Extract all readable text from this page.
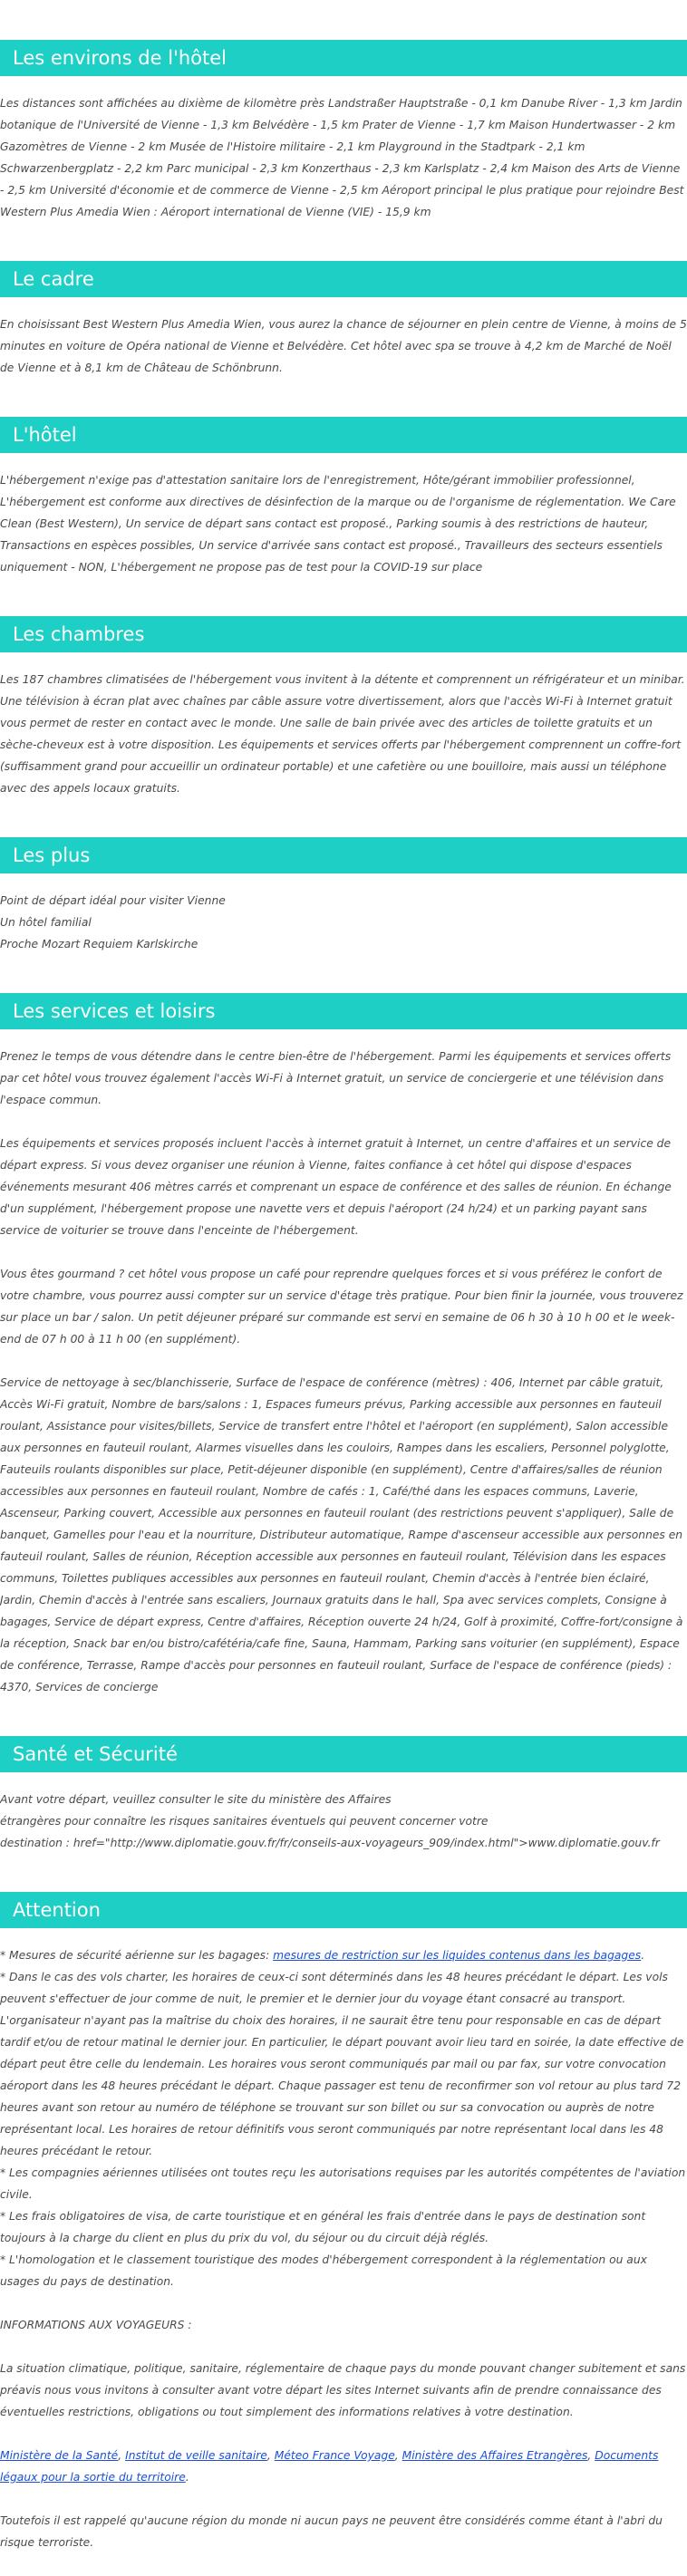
Les environs de l'hôtel

Les distances sont affichées au dixième de kilomètre près Landstraßer Hauptstraße - 0,1 km Danube River - 1,3 km Jardin botanique de l'Université de Vienne - 1,3 km Belvédère - 1,5 km Prater de Vienne - 1,7 km Maison Hundertwasser - 2 km Gazomètres de Vienne - 2 km Musée de l'Histoire militaire - 2,1 km Playground in the Stadtpark - 2,1 km Schwarzenbergplatz - 2,2 km Parc municipal - 2,3 km Konzerthaus - 2,3 km Karlsplatz - 2,4 km Maison des Arts de Vienne - 2,5 km Université d'économie et de commerce de Vienne - 2,5 km Aéroport principal le plus pratique pour rejoindre Best Western Plus Amedia Wien : Aéroport international de Vienne (VIE) - 15,9 km

Le cadre

En choisissant Best Western Plus Amedia Wien, vous aurez la chance de séjourner en plein centre de Vienne, à moins de 5 minutes en voiture de Opéra national de Vienne et Belvédère. Cet hôtel avec spa se trouve à 4,2 km de Marché de Noël de Vienne et à 8,1 km de Château de Schönbrunn.

L'hôtel

L'hébergement n'exige pas d'attestation sanitaire lors de l'enregistrement, Hôte/gérant immobilier professionnel, L'hébergement est conforme aux directives de désinfection de la marque ou de l'organisme de réglementation. We Care Clean (Best Western), Un service de départ sans contact est proposé., Parking soumis à des restrictions de hauteur, Transactions en espèces possibles, Un service d'arrivée sans contact est proposé., Travailleurs des secteurs essentiels uniquement - NON, L'hébergement ne propose pas de test pour la COVID-19 sur place

Les chambres

Les 187 chambres climatisées de l'hébergement vous invitent à la détente et comprennent un réfrigérateur et un minibar. Une télévision à écran plat avec chaînes par câble assure votre divertissement, alors que l'accès Wi-Fi à Internet gratuit vous permet de rester en contact avec le monde. Une salle de bain privée avec des articles de toilette gratuits et un sèche-cheveux est à votre disposition. Les équipements et services offerts par l'hébergement comprennent un coffre-fort (suffisamment grand pour accueillir un ordinateur portable) et une cafetière ou une bouilloire, mais aussi un téléphone avec des appels locaux gratuits.

Les plus

Point de départ idéal pour visiter Vienne

Un hôtel familial

Proche Mozart Requiem Karlskirche

Les services et loisirs

Prenez le temps de vous détendre dans le centre bien-être de l'hébergement. Parmi les équipements et services offerts par cet hôtel vous trouvez également l'accès Wi-Fi à Internet gratuit, un service de conciergerie et une télévision dans l'espace commun.

Les équipements et services proposés incluent l'accès à internet gratuit à Internet, un centre d'affaires et un service de départ express. Si vous devez organiser une réunion à Vienne, faites confiance à cet hôtel qui dispose d'espaces événements mesurant 406 mètres carrés et comprenant un espace de conférence et des salles de réunion. En échange d'un supplément, l'hébergement propose une navette vers et depuis l'aéroport (24 h/24) et un parking payant sans service de voiturier se trouve dans l'enceinte de l'hébergement.

Vous êtes gourmand ? cet hôtel vous propose un café pour reprendre quelques forces et si vous préférez le confort de votre chambre, vous pourrez aussi compter sur un service d'étage très pratique. Pour bien finir la journée, vous trouverez sur place un bar / salon. Un petit déjeuner préparé sur commande est servi en semaine de 06 h 30 à 10 h 00 et le week-end de 07 h 00 à 11 h 00 (en supplément).

Service de nettoyage à sec/blanchisserie, Surface de l'espace de conférence (mètres) : 406, Internet par câble gratuit, Accès Wi-Fi gratuit, Nombre de bars/salons : 1, Espaces fumeurs prévus, Parking accessible aux personnes en fauteuil roulant, Assistance pour visites/billets, Service de transfert entre l'hôtel et l'aéroport (en supplément), Salon accessible aux personnes en fauteuil roulant, Alarmes visuelles dans les couloirs, Rampes dans les escaliers, Personnel polyglotte, Fauteuils roulants disponibles sur place, Petit-déjeuner disponible (en supplément), Centre d'affaires/salles de réunion accessibles aux personnes en fauteuil roulant, Nombre de cafés : 1, Café/thé dans les espaces communs, Laverie, Ascenseur, Parking couvert, Accessible aux personnes en fauteuil roulant (des restrictions peuvent s'appliquer), Salle de banquet, Gamelles pour l'eau et la nourriture, Distributeur automatique, Rampe d'ascenseur accessible aux personnes en fauteuil roulant, Salles de réunion, Réception accessible aux personnes en fauteuil roulant, Télévision dans les espaces communs, Toilettes publiques accessibles aux personnes en fauteuil roulant, Chemin d'accès à l'entrée bien éclairé, Jardin, Chemin d'accès à l'entrée sans escaliers, Journaux gratuits dans le hall, Spa avec services complets, Consigne à bagages, Service de départ express, Centre d'affaires, Réception ouverte 24 h/24, Golf à proximité, Coffre-fort/consigne à la réception, Snack bar en/ou bistro/cafétéria/cafe fine, Sauna, Hammam, Parking sans voiturier (en supplément), Espace de conférence, Terrasse, Rampe d'accès pour personnes en fauteuil roulant, Surface de l'espace de conférence (pieds) : 4370, Services de concierge

Santé et Sécurité

Avant votre départ, veuillez consulter le site du ministère des Affaires

étrangères pour connaître les risques sanitaires éventuels qui peuvent concerner votre

destination : href="http://www.diplomatie.gouv.fr/fr/conseils-aux-voyageurs_909/index.html">www.diplomatie.gouv.fr

Attention

* Mesures de sécurité aérienne sur les bagages: mesures de restriction sur les liquides contenus dans les bagages.

* Dans le cas des vols charter, les horaires de ceux-ci sont déterminés dans les 48 heures précédant le départ. Les vols peuvent s'effectuer de jour comme de nuit, le premier et le dernier jour du voyage étant consacré au transport. L'organisateur n'ayant pas la maîtrise du choix des horaires, il ne saurait être tenu pour responsable en cas de départ tardif et/ou de retour matinal le dernier jour. En particulier, le départ pouvant avoir lieu tard en soirée, la date effective de départ peut être celle du lendemain. Les horaires vous seront communiqués par mail ou par fax, sur votre convocation aéroport dans les 48 heures précédant le départ. Chaque passager est tenu de reconfirmer son vol retour au plus tard 72 heures avant son retour au numéro de téléphone se trouvant sur son billet ou sur sa convocation ou auprès de notre représentant local. Les horaires de retour définitifs vous seront communiqués par notre représentant local dans les 48 heures précédant le retour.

* Les compagnies aériennes utilisées ont toutes reçu les autorisations requises par les autorités compétentes de l'aviation civile.

* Les frais obligatoires de visa, de carte touristique et en général les frais d'entrée dans le pays de destination sont toujours à la charge du client en plus du prix du vol, du séjour ou du circuit déjà réglés.

* L'homologation et le classement touristique des modes d'hébergement correspondent à la réglementation ou aux usages du pays de destination.

INFORMATIONS AUX VOYAGEURS :

La situation climatique, politique, sanitaire, réglementaire de chaque pays du monde pouvant changer subitement et sans préavis nous vous invitons à consulter avant votre départ les sites Internet suivants afin de prendre connaissance des éventuelles restrictions, obligations ou tout simplement des informations relatives à votre destination.

Ministère de la Santé, Institut de veille sanitaire, Méteo France Voyage, Ministère des Affaires Etrangères, Documents légaux pour la sortie du territoire.

Toutefois il est rappelé qu'aucune région du monde ni aucun pays ne peuvent être considérés comme étant à l'abri du risque terroriste.
